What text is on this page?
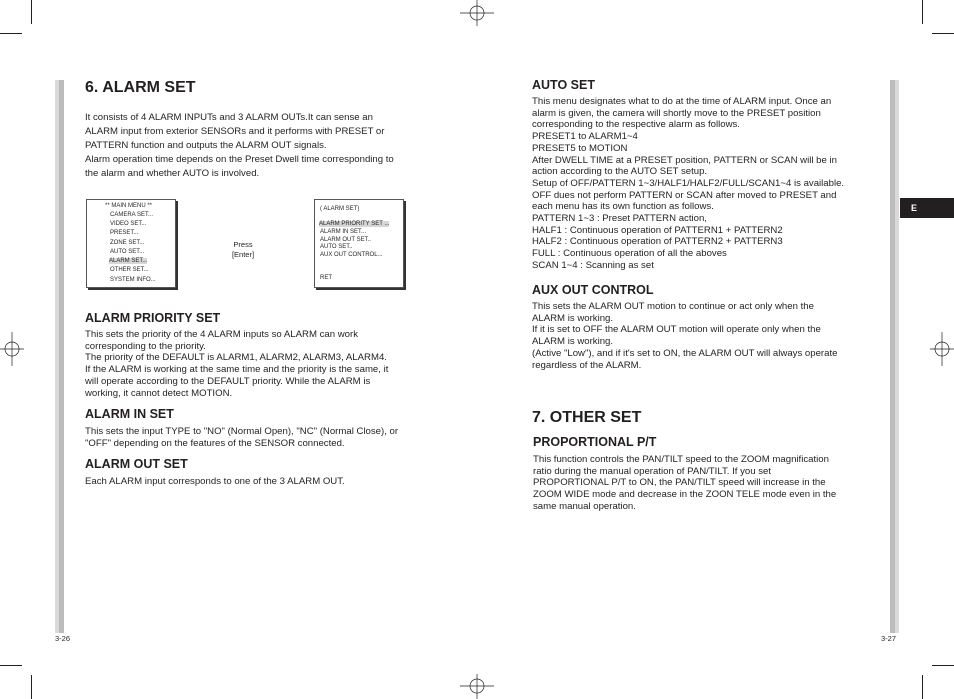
E
6. ALARM SET
It consists of 4 ALARM INPUTs and 3 ALARM OUTs.It can sense an
ALARM input from exterior SENSORs and it performs with PRESET or
PATTERN function and outputs the ALARM OUT signals.
Alarm operation time depends on the Preset Dwell time corresponding to
the alarm and whether AUTO is involved.
** MAIN MENU **
CAMERA SET...
VIDEO SET...
PRESET...
ZONE SET...
AUTO SET...
ALARM SET...
OTHER SET...
SYSTEM INFO...
Press
[Enter]
( ALARM SET)
ALARM PRIORITY SET ...
ALARM IN SET...
ALARM OUT SET..
AUTO SET..
AUX OUT CONTROL...
RET
ALARM PRIORITY SET
This sets the priority of the 4 ALARM inputs so ALARM can work
corresponding to the priority.
The priority of the DEFAULT is ALARM1, ALARM2, ALARM3, ALARM4.
If the ALARM is working at the same time and the priority is the same, it
will operate according to the DEFAULT priority. While the ALARM is
working, it cannot detect MOTION.
ALARM IN SET
This sets the input TYPE to "NO" (Normal Open), "NC" (Normal Close), or
"OFF" depending on the features of the SENSOR connected.
ALARM OUT SET
Each ALARM input corresponds to one of the 3 ALARM OUT.
3-26
AUTO SET
This menu designates what to do at the time of ALARM input. Once an
alarm is given, the camera will shortly move to the PRESET position
corresponding to the respective alarm as follows.
PRESET1 to ALARM1~4
PRESET5 to MOTION
After DWELL TIME at a PRESET position, PATTERN or SCAN will be in
action according to the AUTO SET setup.
Setup of OFF/PATTERN 1~3/HALF1/HALF2/FULL/SCAN1~4 is available.
OFF dues not perform PATTERN or SCAN after moved to PRESET and
each menu has its own function as follows.
PATTERN 1~3 : Preset PATTERN action,
HALF1 : Continuous operation of PATTERN1 + PATTERN2
HALF2 : Continuous operation of PATTERN2 + PATTERN3
FULL : Continuous operation of all the aboves
SCAN 1~4 : Scanning as set
AUX OUT CONTROL
This sets the ALARM OUT motion to continue or act only when the
ALARM is working.
If it is set to OFF the ALARM OUT motion will operate only when the
ALARM is working.
(Active "Low"), and if it's set to ON, the ALARM OUT will always operate
regardless of the ALARM.
7. OTHER SET
PROPORTIONAL P/T
This function controls the PAN/TILT speed to the ZOOM magnification
ratio during the manual operation of PAN/TILT. If you set
PROPORTIONAL P/T to ON, the PAN/TILT speed will increase in the
ZOOM WIDE mode and decrease in the ZOON TELE mode even in the
same manual operation.
3-27
